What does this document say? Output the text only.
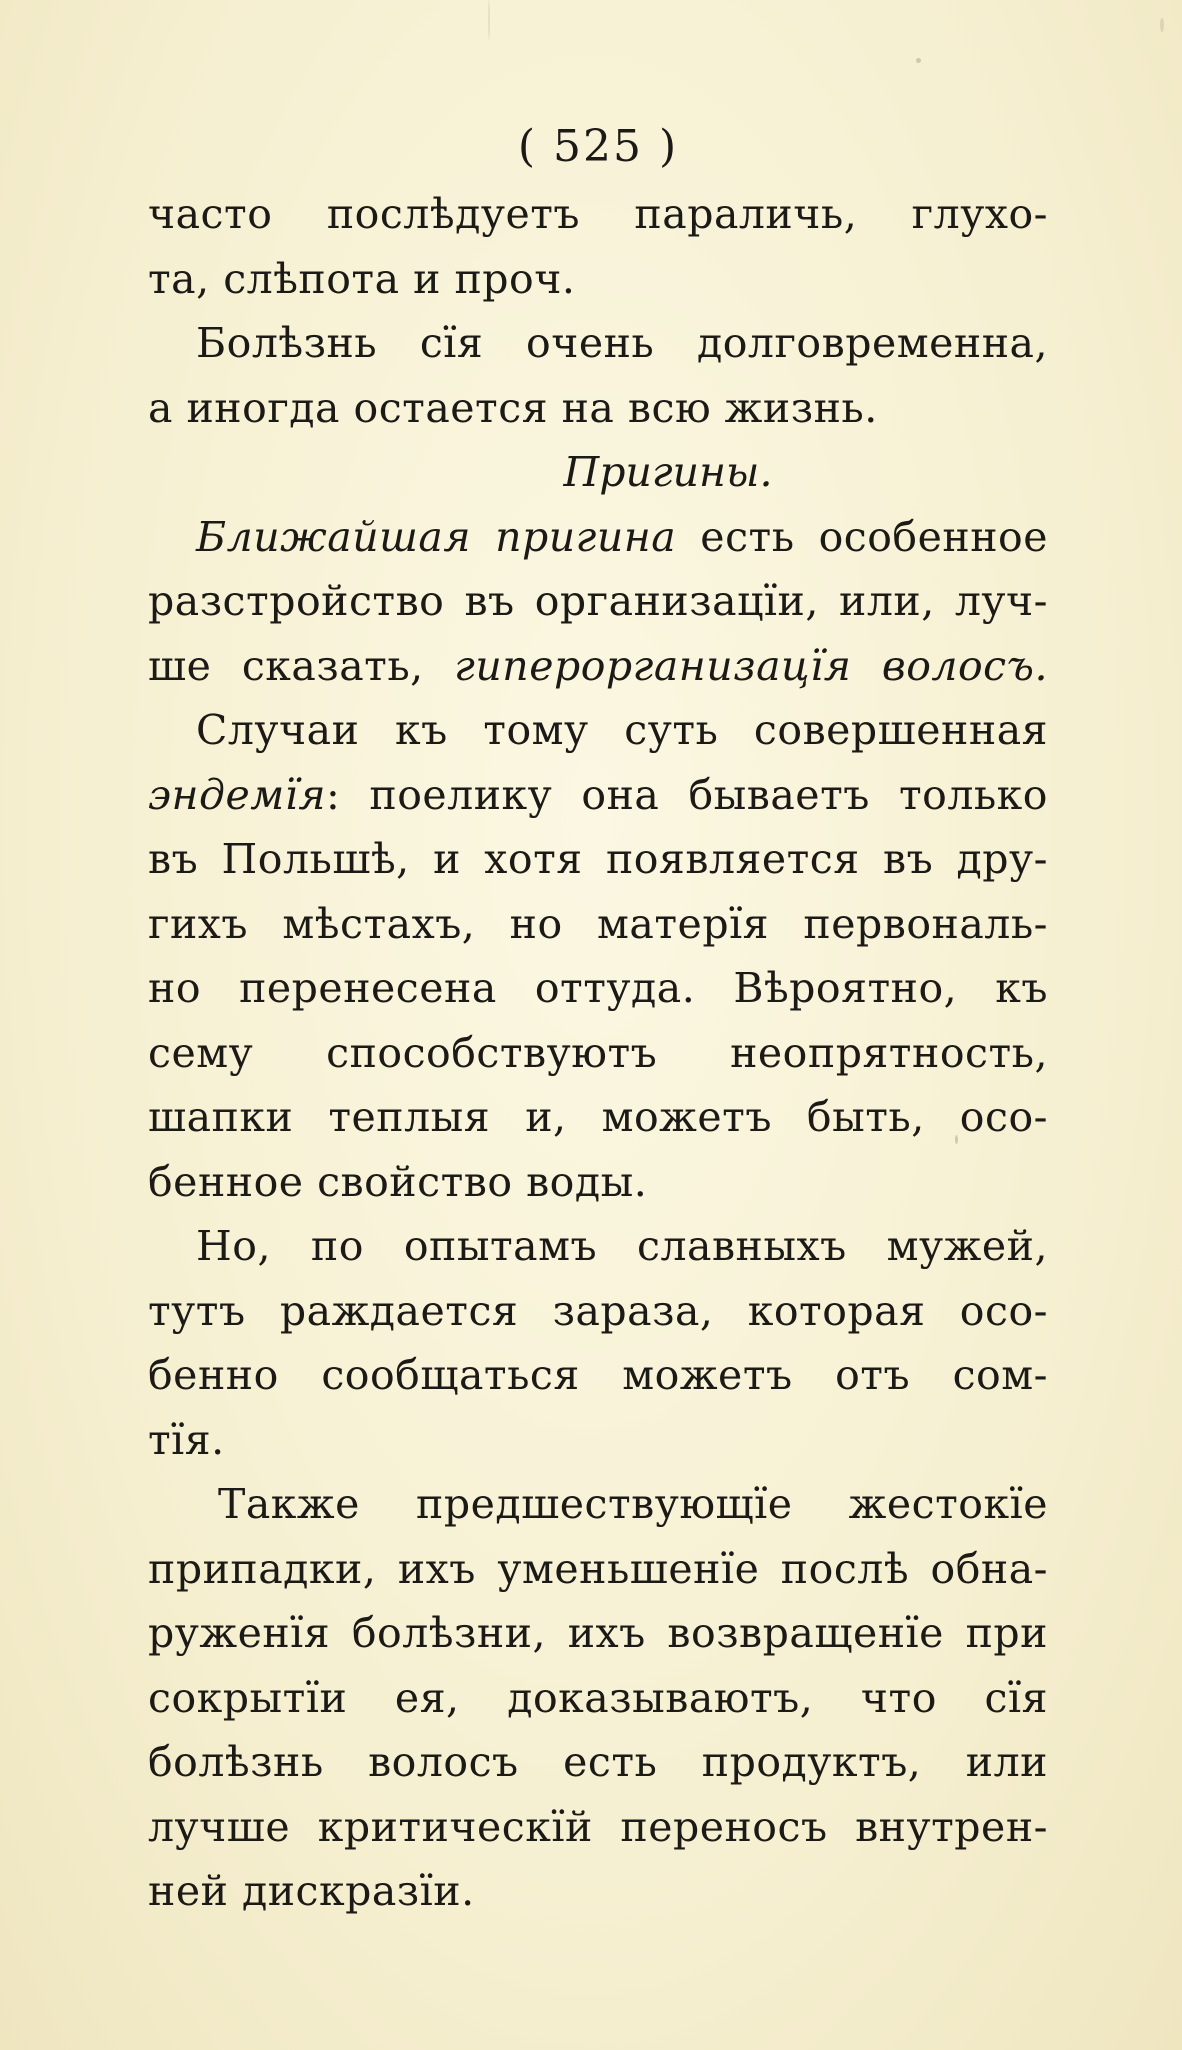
( 525 )
часто послѣдуетъ параличь, глухо-
та, слѣпота и проч.
Болѣзнь сїя очень долговременна,
а иногда остается на всю жизнь.
Пригины.
Ближайшая пригина есть особенное
разстройство въ организацїи, или, луч-
ше сказать, гиперорганизацїя волосъ.
Случаи къ тому суть совершенная
эндемїя: поелику она бываетъ только
въ Польшѣ, и хотя появляется въ дру-
гихъ мѣстахъ, но матерїя первональ-
но перенесена оттуда. Вѣроятно, къ
сему способствуютъ неопрятность,
шапки теплыя и, можетъ быть, осо-
бенное свойство воды.
Но, по опытамъ славныхъ мужей,
тутъ раждается зараза, которая осо-
бенно сообщаться можетъ отъ сом-
тїя.
Также предшествующїе жестокїе
припадки, ихъ уменьшенїе послѣ обна-
руженїя болѣзни, ихъ возвращенїе при
сокрытїи ея, доказываютъ, что сїя
болѣзнь волосъ есть продуктъ, или
лучше критическїй переносъ внутрен-
ней дискразїи.
